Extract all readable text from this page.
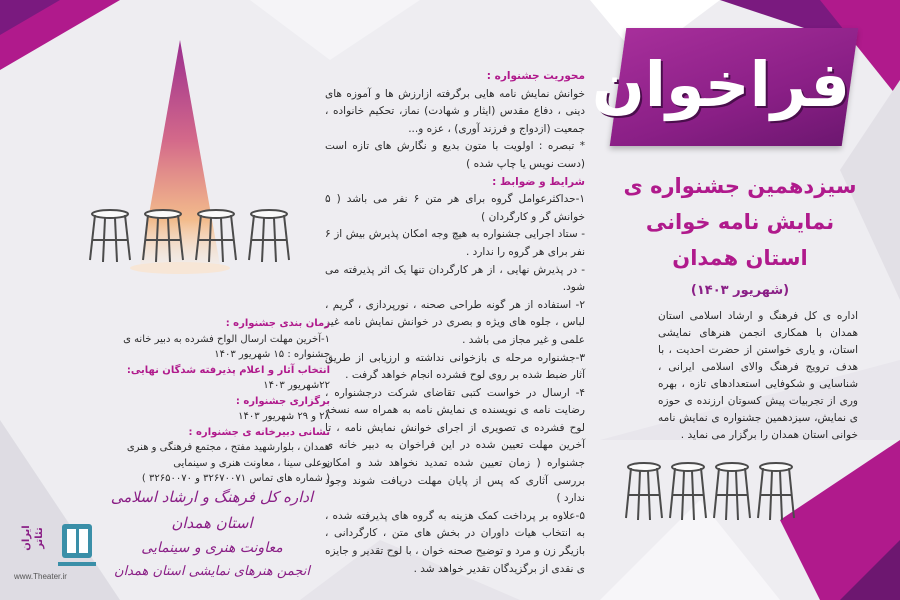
فراخوان
سیزدهمین جشنواره ی
نمایش نامه خوانی
استان همدان
(شهریور ۱۴۰۳)
اداره ی کل فرهنگ و ارشاد اسلامی استان همدان با همکاری انجمن هنرهای نمایشی استان، و یاری خواستن از حضرت احدیت ، با هدف ترویج فرهنگ والای اسلامی ایرانی ، شناسایی و شکوفایی استعدادهای تازه ، بهره وری از تجربیات پیش کسوتان ارزنده ی حوزه ی نمایش، سیزدهمین جشنواره ی نمایش نامه خوانی استان همدان را برگزار می نماید .

محوریت جشنواره :

خوانش نمایش نامه هایی برگرفته ازارزش ها و آموزه های دینی ، دفاع مقدس (ایثار و شهادت) نماز، تحکیم خانواده ، جمعیت (ازدواج و فرزند آوری) ، عزه و...

* تبصره : اولویت با متون بدیع و نگارش های تازه است (دست نویس یا چاپ شده )

شرایط و ضوابط :

۱-حداکثرعوامل گروه برای هر متن ۶ نفر می باشد ( ۵ خوانش گر و کارگردان )

- ستاد اجرایی جشنواره به هیچ وجه امکان پذیرش بیش از ۶ نفر برای هر گروه را ندارد .

- در پذیرش نهایی ، از هر کارگردان تنها یک اثر پذیرفته می شود.

۲- استفاده از هر گونه طراحی صحنه ، نورپردازی ، گریم ، لباس ، جلوه های ویژه و بصری در خوانش نمایش نامه غیر علمی و غیر مجاز می باشد .

۳-جشنواره مرحله ی بازخوانی نداشته و ارزیابی از طریق آثار ضبط شده بر روی لوح فشرده انجام خواهد گرفت .

۴- ارسال در خواست کتبی تقاضای شرکت درجشنواره ، رضایت نامه ی نویسنده ی نمایش نامه به همراه سه نسخه لوح فشرده ی تصویری از اجرای خوانش نمایش نامه ، تا آخرین مهلت تعیین شده در این فراخوان به دبیر خانه ی جشنواره ( زمان تعیین شده تمدید نخواهد شد و امکان بررسی آثاری که پس از پایان مهلت دریافت شوند وجود ندارد )

۵-علاوه بر پرداخت کمک هزینه به گروه های پذیرفته شده ، به انتخاب هیات داوران در بخش های متن ، کارگردانی ، بازیگر زن و مرد و توضیح صحنه خوان ، با لوح تقدیر و جایزه ی نقدی از برگزیدگان تقدیر خواهد شد .

زمان بندی جشنواره :

۱-آخرین مهلت ارسال الواح فشرده به دبیر خانه ی جشنواره : ۱۵ شهریور ۱۴۰۳

انتخاب آثار و اعلام پذیرفته شدگان نهایی:

۲۲شهریور ۱۴۰۳

برگزاری جشنواره :

۲۸ و ۲۹ شهریور ۱۴۰۳

نشانی دبیرخانه ی جشنواره :

همدان ، بلوارشهید مفتح ، مجتمع فرهنگی و هنری بوعلی سینا ، معاونت هنری و سینمایی

( شماره های تماس ۳۲۶۷۰۰۷۱ و ۳۲۶۵۰۰۷۰ )

اداره کل فرهنگ و ارشاد اسلامی استان همدان
معاونت هنری و سینمایی
انجمن هنرهای نمایشی استان همدان
ایران تئاتر
www.Theater.ir
